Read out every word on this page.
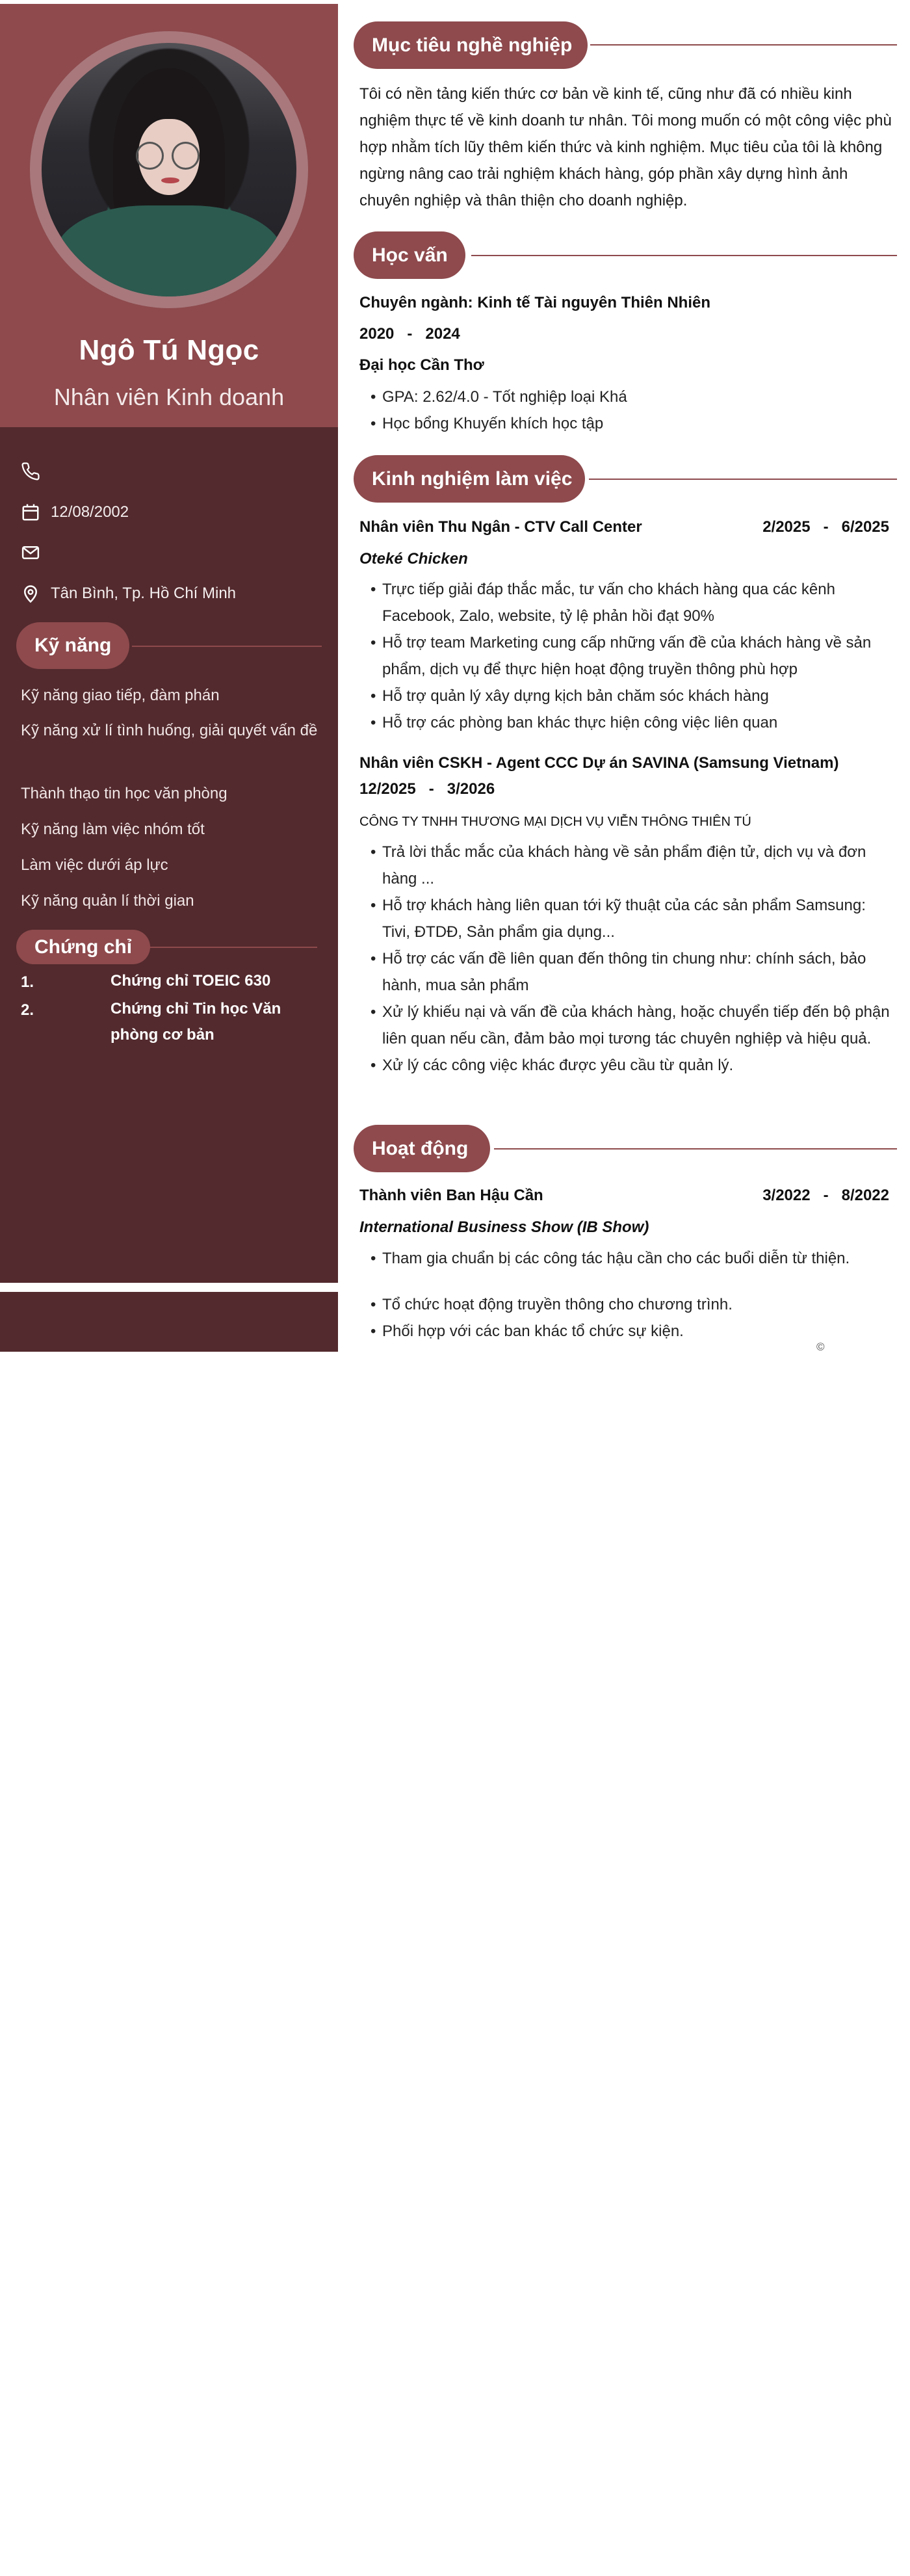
Ngô Tú Ngọc
Nhân viên Kinh doanh
12/08/2002
Tân Bình, Tp. Hồ Chí Minh
Kỹ năng
Kỹ năng giao tiếp, đàm phán
Kỹ năng xử lí tình huống, giải quyết vấn đề
Thành thạo tin học văn phòng
Kỹ năng làm việc nhóm tốt
Làm việc dưới áp lực
Kỹ năng quản lí thời gian
Chứng chỉ
1.	Chứng chỉ TOEIC 630
2.	Chứng chỉ Tin học Văn phòng cơ bản
Mục tiêu nghề nghiệp
Tôi có nền tảng kiến thức cơ bản về kinh tế, cũng như đã có nhiều kinh nghiệm thực tế về kinh doanh tư nhân. Tôi mong muốn có một công việc phù hợp nhằm tích lũy thêm kiến thức và kinh nghiệm. Mục tiêu của tôi là không ngừng nâng cao trải nghiệm khách hàng, góp phần xây dựng hình ảnh chuyên nghiệp và thân thiện cho doanh nghiệp.
Học vấn
Chuyên ngành: Kinh tế Tài nguyên Thiên Nhiên
2020   -   2024
Đại học Cần Thơ
• GPA: 2.62/4.0 - Tốt nghiệp loại Khá
• Học bổng Khuyến khích học tập
Kinh nghiệm làm việc
Nhân viên Thu Ngân - CTV Call Center	2/2025   -   6/2025
Oteké Chicken
• Trực tiếp giải đáp thắc mắc, tư vấn cho khách hàng qua các kênh Facebook, Zalo, website, tỷ lệ phản hồi đạt 90%
• Hỗ trợ team Marketing cung cấp những vấn đề của khách hàng về sản phẩm, dịch vụ để thực hiện hoạt động truyền thông phù hợp
• Hỗ trợ quản lý xây dựng kịch bản chăm sóc khách hàng
• Hỗ trợ các phòng ban khác thực hiện công việc liên quan
Nhân viên CSKH - Agent CCC Dự án SAVINA (Samsung Vietnam)
12/2025   -   3/2026
CÔNG TY TNHH THƯƠNG MẠI DỊCH VỤ VIỄN THÔNG THIÊN TÚ
• Trả lời thắc mắc của khách hàng về sản phẩm điện tử, dịch vụ và đơn hàng ...
• Hỗ trợ khách hàng liên quan tới kỹ thuật của các sản phẩm Samsung: Tivi, ĐTDĐ, Sản phẩm gia dụng...
• Hỗ trợ các vấn đề liên quan đến thông tin chung như: chính sách, bảo hành, mua sản phẩm
• Xử lý khiếu nại và vấn đề của khách hàng, hoặc chuyển tiếp đến bộ phận liên quan nếu cần, đảm bảo mọi tương tác chuyên nghiệp và hiệu quả.
• Xử lý các công việc khác được yêu cầu từ quản lý.
Hoạt động
Thành viên Ban Hậu Cần	3/2022   -   8/2022
International Business Show (IB Show)
• Tham gia chuẩn bị các công tác hậu cần cho các buổi diễn từ thiện.
• Tổ chức hoạt động truyền thông cho chương trình.
• Phối hợp với các ban khác tổ chức sự kiện.
©
